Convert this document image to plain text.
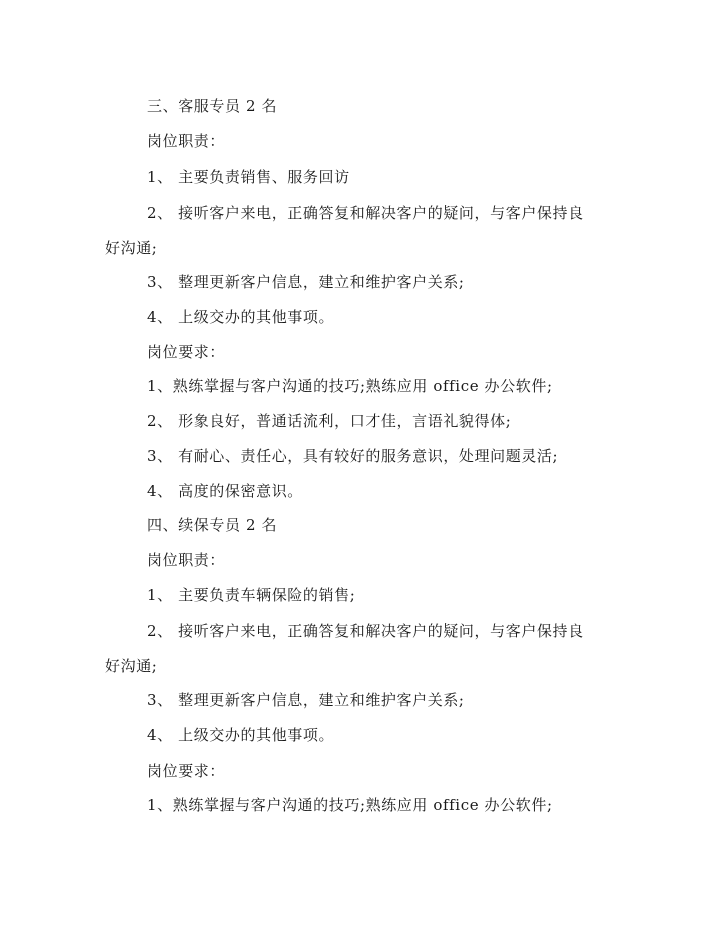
三、客服专员 2 名
岗位职责：
1、 主要负责销售、服务回访
2、 接听客户来电，正确答复和解决客户的疑问，与客户保持良
好沟通;
3、 整理更新客户信息，建立和维护客户关系;
4、 上级交办的其他事项。
岗位要求：
1、熟练掌握与客户沟通的技巧;熟练应用 office 办公软件;
2、 形象良好，普通话流利，口才佳，言语礼貌得体;
3、 有耐心、责任心，具有较好的服务意识，处理问题灵活;
4、 高度的保密意识。
四、续保专员 2 名
岗位职责：
1、 主要负责车辆保险的销售;
2、 接听客户来电，正确答复和解决客户的疑问，与客户保持良
好沟通;
3、 整理更新客户信息，建立和维护客户关系;
4、 上级交办的其他事项。
岗位要求：
1、熟练掌握与客户沟通的技巧;熟练应用 office 办公软件;
